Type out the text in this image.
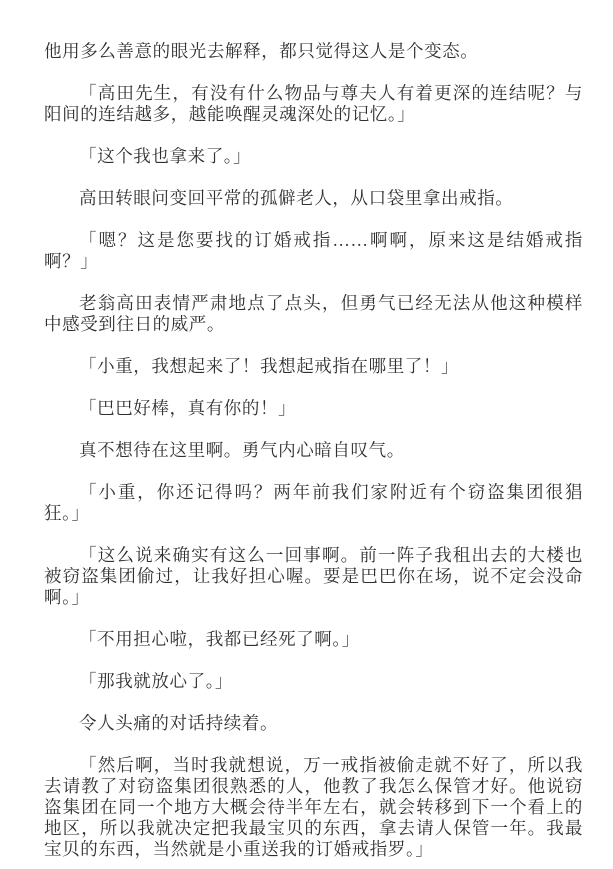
他用多么善意的眼光去解释，都只觉得这人是个变态。

「高田先生，有没有什么物品与尊夫人有着更深的连结呢？与阳间的连结越多，越能唤醒灵魂深处的记忆。」

「这个我也拿来了。」

高田转眼问变回平常的孤僻老人，从口袋里拿出戒指。

「嗯？这是您要找的订婚戒指……啊啊，原来这是结婚戒指啊？」

老翁高田表情严肃地点了点头，但勇气已经无法从他这种模样中感受到往日的威严。

「小重，我想起来了！我想起戒指在哪里了！」

「巴巴好棒，真有你的！」

真不想待在这里啊。勇气内心暗自叹气。

「小重，你还记得吗？两年前我们家附近有个窃盗集团很猖狂。」

「这么说来确实有这么一回事啊。前一阵子我租出去的大楼也被窃盗集团偷过，让我好担心喔。要是巴巴你在场，说不定会没命啊。」

「不用担心啦，我都已经死了啊。」

「那我就放心了。」

令人头痛的对话持续着。

「然后啊，当时我就想说，万一戒指被偷走就不好了，所以我去请教了对窃盗集团很熟悉的人，他教了我怎么保管才好。他说窃盗集团在同一个地方大概会待半年左右，就会转移到下一个看上的地区，所以我就决定把我最宝贝的东西，拿去请人保管一年。我最宝贝的东西，当然就是小重送我的订婚戒指罗。」
